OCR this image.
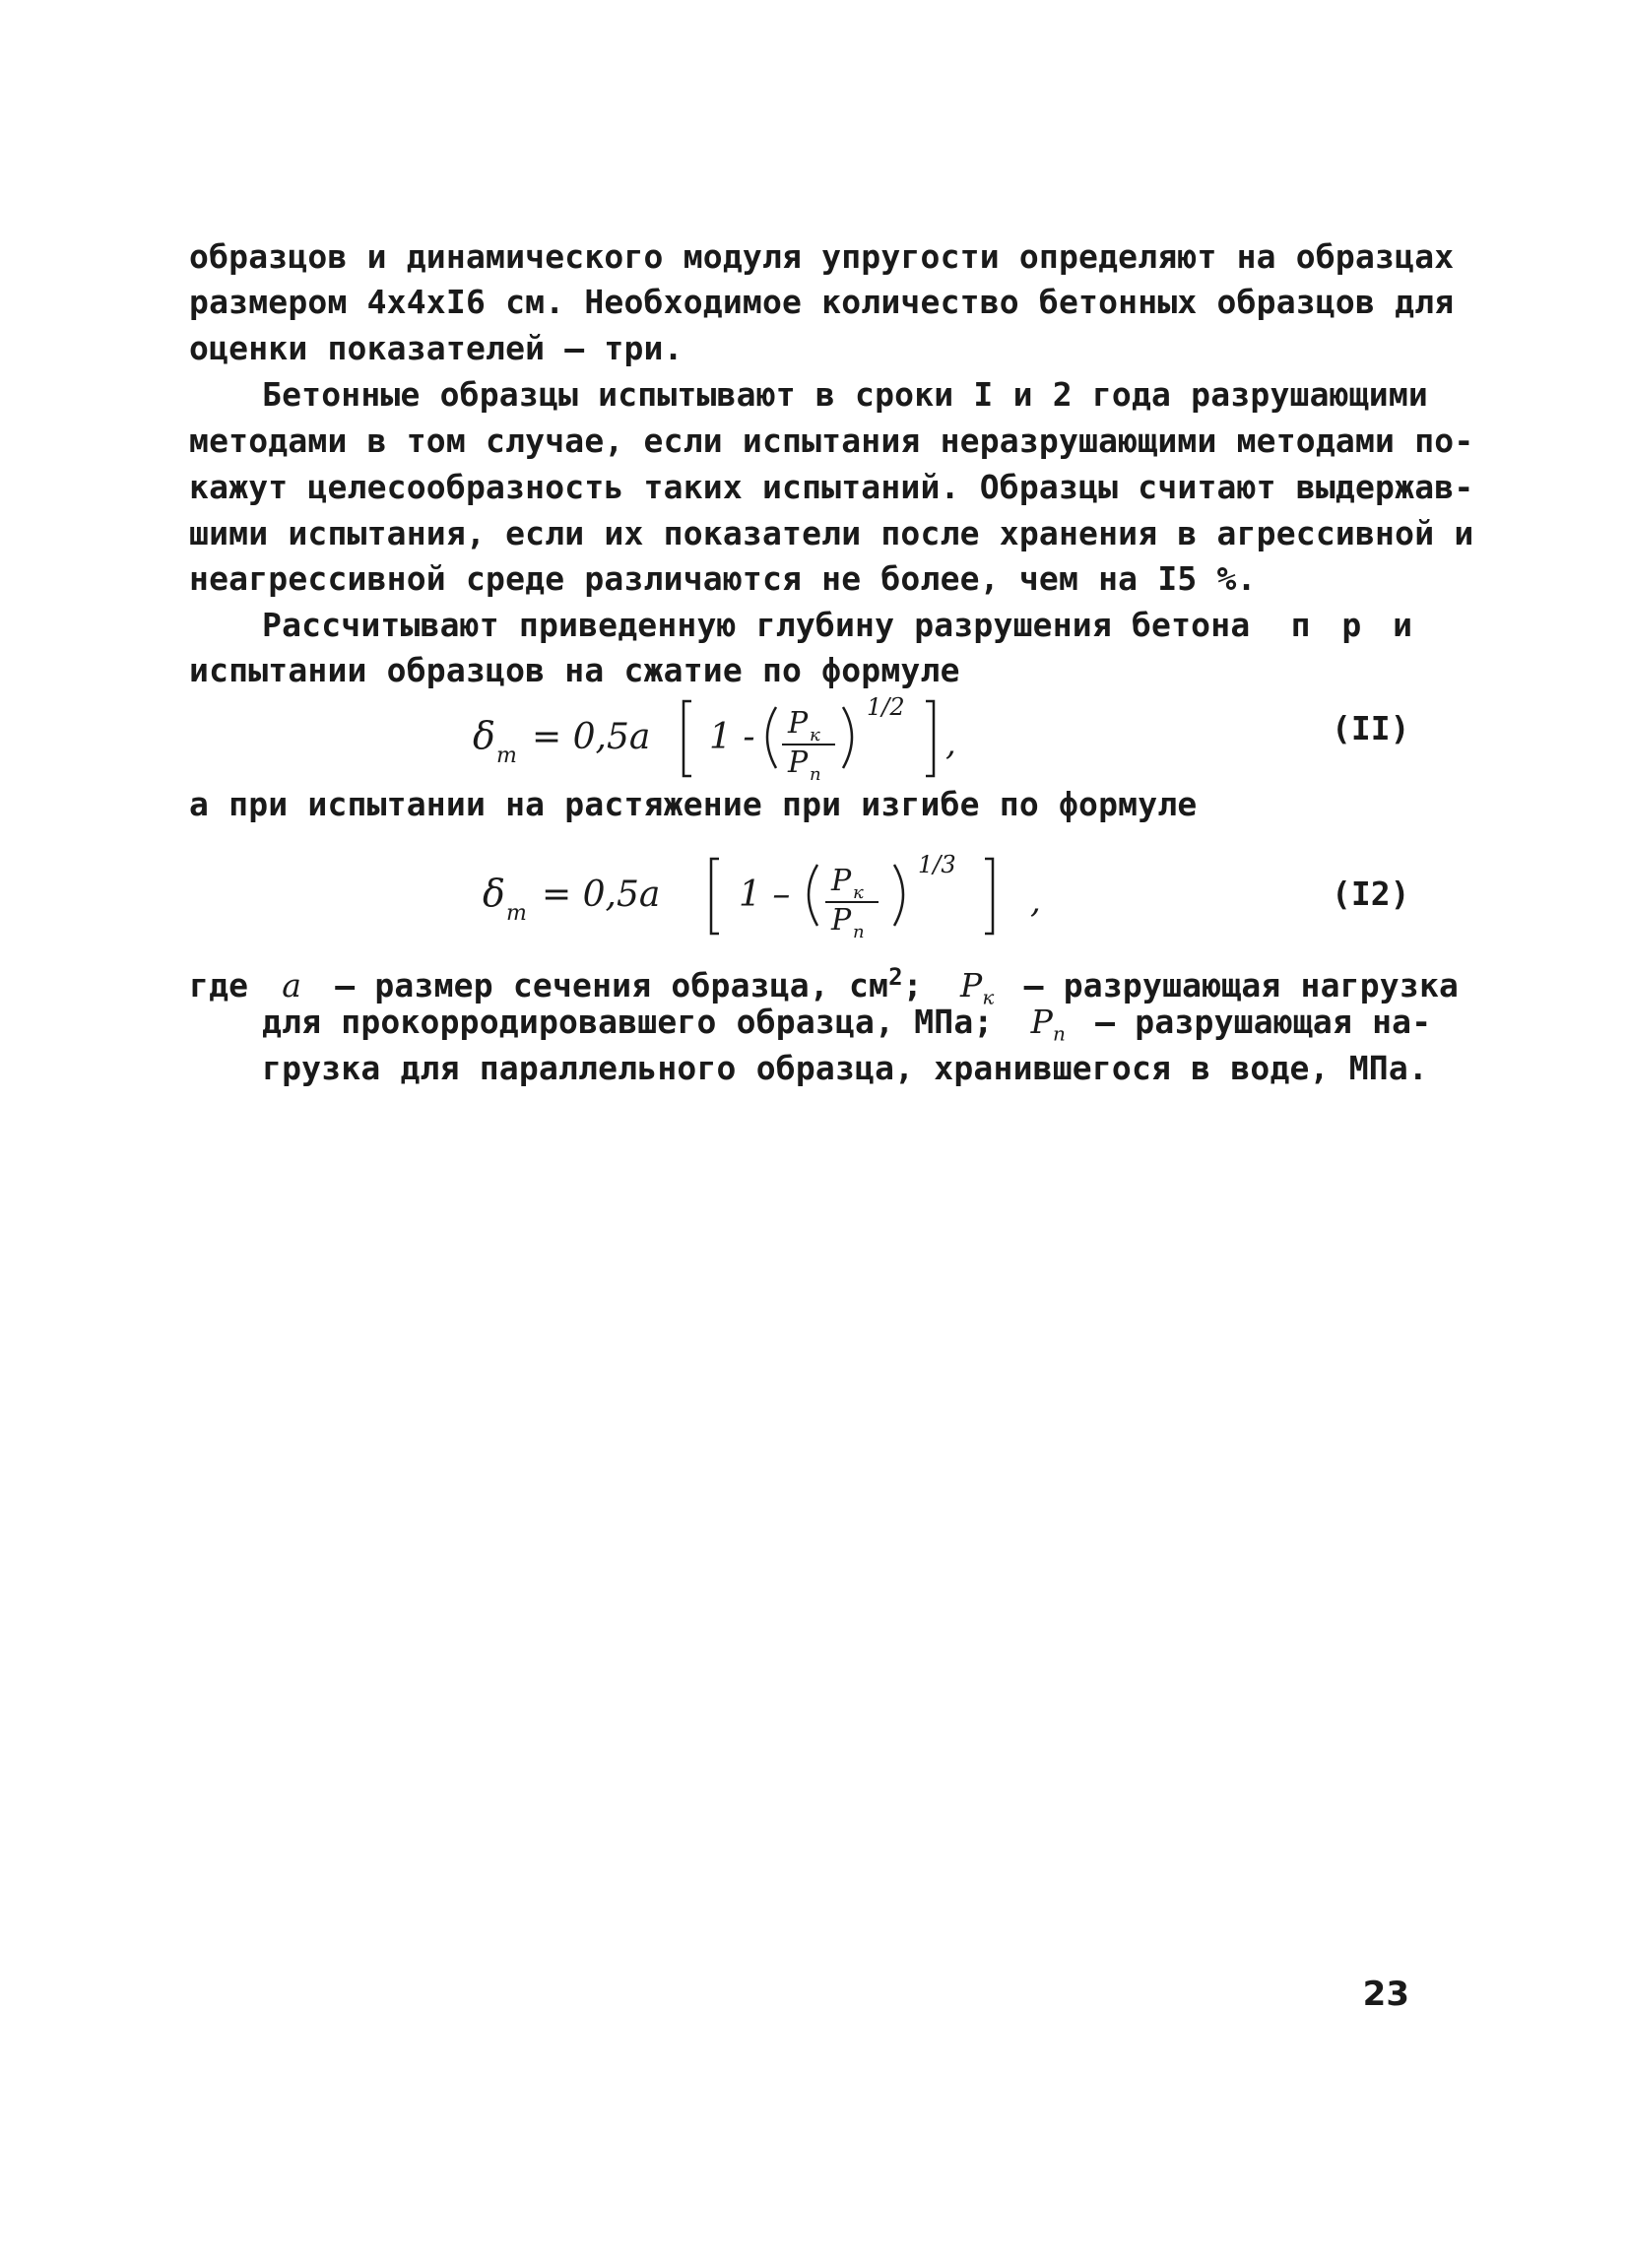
образцов и динамического модуля упругости определяют на образцах
размером 4х4хI6 см. Необходимое количество бетонных образцов для
оценки показателей – три.
Бетонные образцы испытывают в сроки I и 2 года разрушающими
методами в том случае, если испытания неразрушающими методами по-
кажут целесообразность таких испытаний. Образцы считают выдержав-
шими испытания, если их показатели после хранения в агрессивной и
неагрессивной среде различаются не более, чем на I5 %.
Рассчитывают приведенную глубину разрушения бетона п р и
испытании образцов на сжатие по формуле
δ т = 0,5a 1 - P к
P п
1/2
,	(II)
а при испытании на растяжение при изгибе по формуле
δ т = 0,5a 1 – P к
P п
1/3
,	(I2)
где a – размер сечения образца, $см^2$; $P_к$ – разрушающая нагрузка
для прокорродировавшего образца, МПа; $P_п$ – разрушающая на-
грузка для параллельного образца, хранившегося в воде, МПа.
23
